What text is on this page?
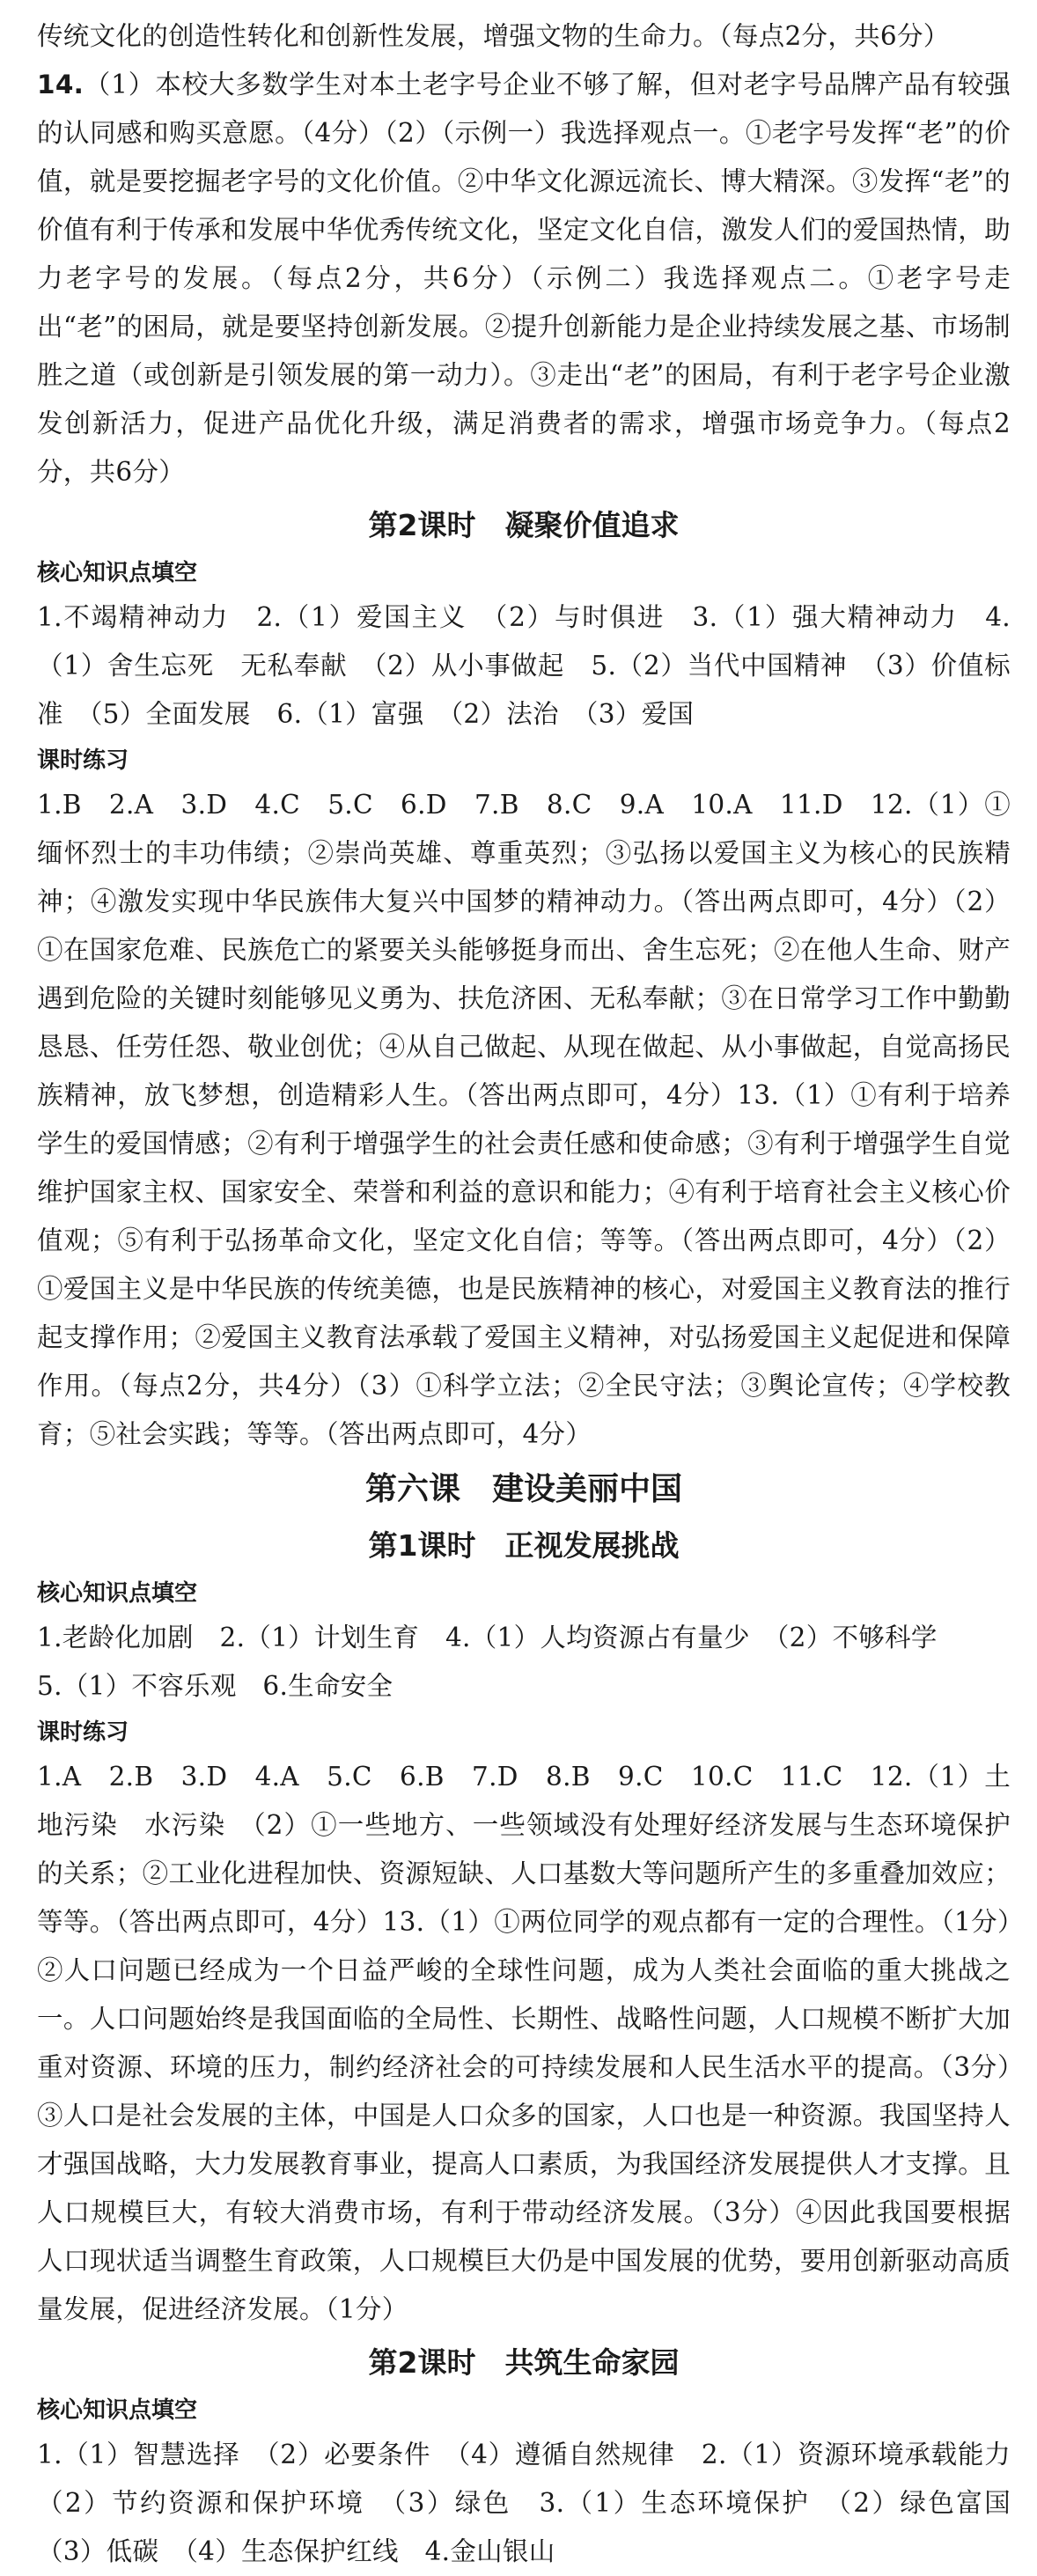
传统文化的创造性转化和创新性发展，增强文物的生命力。（每点2分，共6分）
14.（1）本校大多数学生对本土老字号企业不够了解，但对老字号品牌产品有较强的认同感和购买意愿。（4分）（2）（示例一）我选择观点一。①老字号发挥“老”的价值，就是要挖掘老字号的文化价值。②中华文化源远流长、博大精深。③发挥“老”的价值有利于传承和发展中华优秀传统文化，坚定文化自信，激发人们的爱国热情，助力老字号的发展。（每点2分，共6分）（示例二）我选择观点二。①老字号走出“老”的困局，就是要坚持创新发展。②提升创新能力是企业持续发展之基、市场制胜之道（或创新是引领发展的第一动力）。③走出“老”的困局，有利于老字号企业激发创新活力，促进产品优化升级，满足消费者的需求，增强市场竞争力。（每点2分，共6分）
第2课时　凝聚价值追求
核心知识点填空
1.不竭精神动力　2.（1）爱国主义　（2）与时俱进　3.（1）强大精神动力　4.（1）舍生忘死　无私奉献　（2）从小事做起　5.（2）当代中国精神　（3）价值标准　（5）全面发展　6.（1）富强　（2）法治　（3）爱国
课时练习
1.B　2.A　3.D　4.C　5.C　6.D　7.B　8.C　9.A　10.A　11.D　12.（1）①缅怀烈士的丰功伟绩；②崇尚英雄、尊重英烈；③弘扬以爱国主义为核心的民族精神；④激发实现中华民族伟大复兴中国梦的精神动力。（答出两点即可，4分）（2）①在国家危难、民族危亡的紧要关头能够挺身而出、舍生忘死；②在他人生命、财产遇到危险的关键时刻能够见义勇为、扶危济困、无私奉献；③在日常学习工作中勤勤恳恳、任劳任怨、敬业创优；④从自己做起、从现在做起、从小事做起，自觉高扬民族精神，放飞梦想，创造精彩人生。（答出两点即可，4分）13.（1）①有利于培养学生的爱国情感；②有利于增强学生的社会责任感和使命感；③有利于增强学生自觉维护国家主权、国家安全、荣誉和利益的意识和能力；④有利于培育社会主义核心价值观；⑤有利于弘扬革命文化，坚定文化自信；等等。（答出两点即可，4分）（2）①爱国主义是中华民族的传统美德，也是民族精神的核心，对爱国主义教育法的推行起支撑作用；②爱国主义教育法承载了爱国主义精神，对弘扬爱国主义起促进和保障作用。（每点2分，共4分）（3）①科学立法；②全民守法；③舆论宣传；④学校教育；⑤社会实践；等等。（答出两点即可，4分）
第六课　建设美丽中国
第1课时　正视发展挑战
核心知识点填空
1.老龄化加剧　2.（1）计划生育　4.（1）人均资源占有量少　（2）不够科学
5.（1）不容乐观　6.生命安全
课时练习
1.A　2.B　3.D　4.A　5.C　6.B　7.D　8.B　9.C　10.C　11.C　12.（1）土地污染　水污染　（2）①一些地方、一些领域没有处理好经济发展与生态环境保护的关系；②工业化进程加快、资源短缺、人口基数大等问题所产生的多重叠加效应；等等。（答出两点即可，4分）13.（1）①两位同学的观点都有一定的合理性。（1分）②人口问题已经成为一个日益严峻的全球性问题，成为人类社会面临的重大挑战之一。人口问题始终是我国面临的全局性、长期性、战略性问题，人口规模不断扩大加重对资源、环境的压力，制约经济社会的可持续发展和人民生活水平的提高。（3分）③人口是社会发展的主体，中国是人口众多的国家，人口也是一种资源。我国坚持人才强国战略，大力发展教育事业，提高人口素质，为我国经济发展提供人才支撑。且人口规模巨大，有较大消费市场，有利于带动经济发展。（3分）④因此我国要根据人口现状适当调整生育政策，人口规模巨大仍是中国发展的优势，要用创新驱动高质量发展，促进经济发展。（1分）
第2课时　共筑生命家园
核心知识点填空
1.（1）智慧选择　（2）必要条件　（4）遵循自然规律　2.（1）资源环境承载能力　（2）节约资源和保护环境　（3）绿色　3.（1）生态环境保护　（2）绿色富国　（3）低碳　（4）生态保护红线　4.金山银山
